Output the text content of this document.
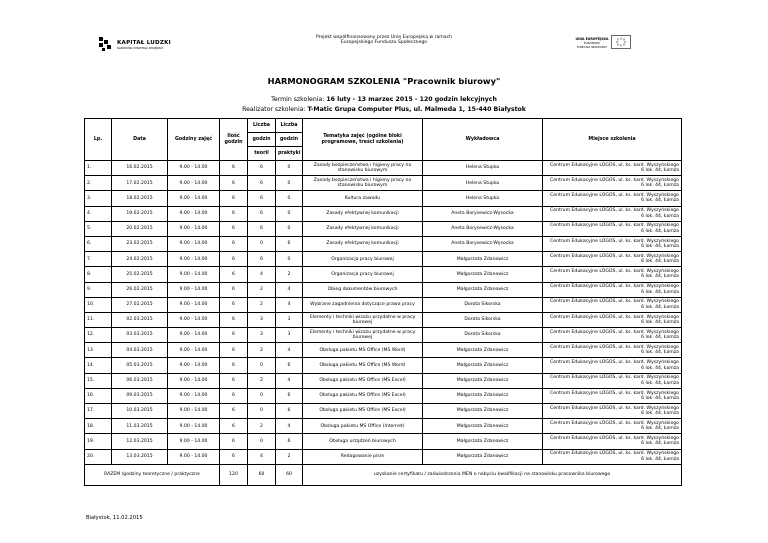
Projekt współfinansowany przez Unię Europejską w ramach
Europejskiego Funduszu Społecznego
KAPITAŁ LUDZKI
NARODOWA STRATEGIA SPÓJNOŚCI
UNIA EUROPEJSKA
EUROPEJSKI
FUNDUSZ SPOŁECZNY
HARMONOGRAM SZKOLENIA "Pracownik biurowy"
Termin szkolenia: 16 luty - 13 marzec 2015 - 120 godzin lekcyjnych
Realizator szkolenia: T-Matic Grupa Computer Plus, ul. Malmeda 1, 15-440 Białystok
Lp.	Data	Godziny zajęć	Ilość godzin	Liczba	Liczba	Tematyka zajęć (ogólne bloki programowe, treści szkolenia)	Wykładowca	Miejsce szkolenia
				godzin	godzin			
				teorii	praktyki			
1.	16.02.2015	9.00 - 14.00	6	6	0	Zasady bezpieczeństwa i higieny pracy na stanowisku biurowym	Helena Stupka	Centrum Edukacyjne LOGOS, ul. ks. kard. Wyszyńskiego
6 lok. 44, Łomża

2.	17.02.2015	9.00 - 14.00	6	6	0	Zasady bezpieczeństwa i higieny pracy na stanowisku biurowym	Helena Stupka	Centrum Edukacyjne LOGOS, ul. ks. kard. Wyszyńskiego
6 lok. 44, Łomża

3.	18.02.2015	9.00 - 14.00	6	6	0	Kultura zawodu	Helena Stupka	Centrum Edukacyjne LOGOS, ul. ks. kard. Wyszyńskiego
6 lok. 44, Łomża

4.	19.02.2015	9.00 - 14.00	6	6	0	Zasady efektywnej komunikacji	Aneta Borysewicz-Wysocka	Centrum Edukacyjne LOGOS, ul. ks. kard. Wyszyńskiego
6 lok. 44, Łomża

5.	20.02.2015	9.00 - 14.00	6	6	0	Zasady efektywnej komunikacji	Aneta Borysewicz-Wysocka	Centrum Edukacyjne LOGOS, ul. ks. kard. Wyszyńskiego
6 lok. 44, Łomża

6.	23.02.2015	9.00 - 14.00	6	0	6	Zasady efektywnej komunikacji	Aneta Borysewicz-Wysocka	Centrum Edukacyjne LOGOS, ul. ks. kard. Wyszyńskiego
6 lok. 44, Łomża

7.	24.02.2015	9.00 - 14.00	6	6	0	Organizacja pracy biurowej	Małgorzata Zdanowicz	Centrum Edukacyjne LOGOS, ul. ks. kard. Wyszyńskiego
6 lok. 44, Łomża

8.	25.02.2015	9.00 - 14.00	6	4	2	Organizacja pracy biurowej	Małgorzata Zdanowicz	Centrum Edukacyjne LOGOS, ul. ks. kard. Wyszyńskiego
6 lok. 44, Łomża

9.	26.02.2015	9.00 - 14.00	6	2	4	Obieg dokumentów biurowych	Małgorzata Zdanowicz	Centrum Edukacyjne LOGOS, ul. ks. kard. Wyszyńskiego
6 lok. 44, Łomża

10.	27.02.2015	9.00 - 14.00	6	2	4	Wybrane zagadnienia dotyczące prawa pracy	Dorota Sikorska	Centrum Edukacyjne LOGOS, ul. ks. kard. Wyszyńskiego
6 lok. 44, Łomża

11.	02.03.2015	9.00 - 14.00	6	3	3	Elementy i techniki wizażu przydatne w pracy biurowej	Dorota Sikorska	Centrum Edukacyjne LOGOS, ul. ks. kard. Wyszyńskiego
6 lok. 44, Łomża

12.	03.03.2015	9.00 - 14.00	6	3	3	Elementy i techniki wizażu przydatne w pracy biurowej	Dorota Sikorska	Centrum Edukacyjne LOGOS, ul. ks. kard. Wyszyńskiego
6 lok. 44, Łomża

13.	04.03.2015	9.00 - 14.00	6	2	4	Obsługa pakietu MS Office (MS Word)	Małgorzata Zdanowicz	Centrum Edukacyjne LOGOS, ul. ks. kard. Wyszyńskiego
6 lok. 44, Łomża

14.	05.03.2015	9.00 - 14.00	6	0	6	Obsługa pakietu MS Office (MS Word)	Małgorzata Zdanowicz	Centrum Edukacyjne LOGOS, ul. ks. kard. Wyszyńskiego
6 lok. 44, Łomża

15.	06.03.2015	9.00 - 14.00	6	2	4	Obsługa pakietu MS Office (MS Excel)	Małgorzata Zdanowicz	Centrum Edukacyjne LOGOS, ul. ks. kard. Wyszyńskiego
6 lok. 44, Łomża

16.	09.03.2015	9.00 - 14.00	6	0	6	Obsługa pakietu MS Office (MS Excel)	Małgorzata Zdanowicz	Centrum Edukacyjne LOGOS, ul. ks. kard. Wyszyńskiego
6 lok. 44, Łomża

17.	10.03.2015	9.00 - 14.00	6	0	6	Obsługa pakietu MS Office (MS Excel)	Małgorzata Zdanowicz	Centrum Edukacyjne LOGOS, ul. ks. kard. Wyszyńskiego
6 lok. 44, Łomża

18.	11.03.2015	9.00 - 14.00	6	2	4	Obsługa pakietu MS Office (Internet)	Małgorzata Zdanowicz	Centrum Edukacyjne LOGOS, ul. ks. kard. Wyszyńskiego
6 lok. 44, Łomża

19.	12.03.2015	9.00 - 14.00	6	0	6	Obsługa urządzeń biurowych	Małgorzata Zdanowicz	Centrum Edukacyjne LOGOS, ul. ks. kard. Wyszyńskiego
6 lok. 44, Łomża

20.	13.03.2015	9.00 - 14.00	6	4	2	Redagowanie pism	Małgorzata Zdanowicz	Centrum Edukacyjne LOGOS, ul. ks. kard. Wyszyńskiego
6 lok. 44, Łomża

RAZEM /godziny teoretyczne / praktyczne			120	60	60	uzyskanie certyfikatu / zaświadczenia MEN o nabyciu kwalifikacji na stanowisku pracownika biurowego		
Białystok, 11.02.2015
